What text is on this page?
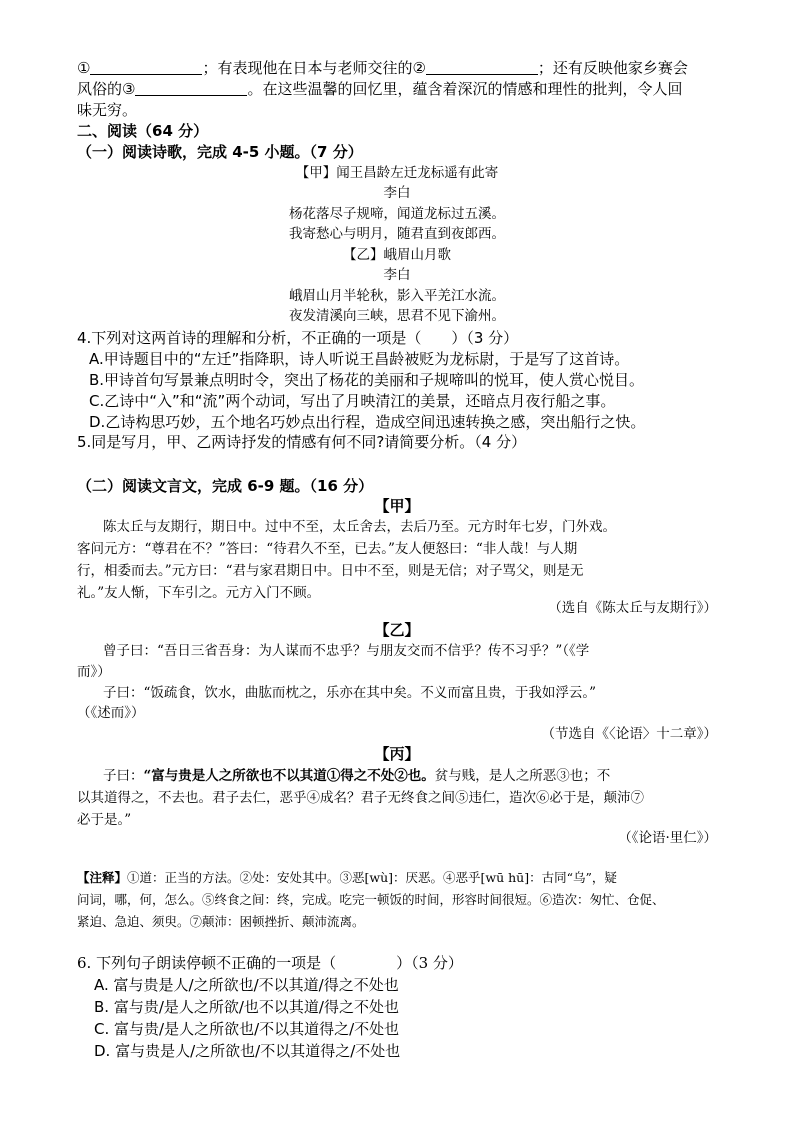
①	；有表现他在日本与老师交往的②	；还有反映他家乡赛会
风俗的③	。在这些温馨的回忆里，蕴含着深沉的情感和理性的批判，令人回
味无穷。
二、阅读（64 分）
（一）阅读诗歌，完成 4-5 小题。（7 分）
【甲】闻王昌龄左迁龙标遥有此寄
李白
杨花落尽子规啼，闻道龙标过五溪。
我寄愁心与明月，随君直到夜郎西。
【乙】峨眉山月歌
李白
峨眉山月半轮秋，影入平羌江水流。
夜发清溪向三峡，思君不见下渝州。
4.下列对这两首诗的理解和分析，不正确的一项是（　　）（3 分）
A.甲诗题目中的“左迁”指降职，诗人听说王昌龄被贬为龙标尉，于是写了这首诗。
B.甲诗首句写景兼点明时令，突出了杨花的美丽和子规啼叫的悦耳，使人赏心悦目。
C.乙诗中“入”和“流”两个动词，写出了月映清江的美景，还暗点月夜行船之事。
D.乙诗构思巧妙，五个地名巧妙点出行程，造成空间迅速转换之感，突出船行之快。
5.同是写月，甲、乙两诗抒发的情感有何不同?请简要分析。（4 分）
（二）阅读文言文，完成 6-9 题。（16 分）
【甲】
陈太丘与友期行，期日中。过中不至，太丘舍去，去后乃至。元方时年七岁，门外戏。
客问元方：“尊君在不？”答曰：“待君久不至，已去。”友人便怒曰：“非人哉！与人期
行，相委而去。”元方曰：“君与家君期日中。日中不至，则是无信；对子骂父，则是无
礼。”友人惭，下车引之。元方入门不顾。
（选自《陈太丘与友期行》）
【乙】
曾子曰：“吾日三省吾身：为人谋而不忠乎？与朋友交而不信乎？传不习乎？”（《学
而》）
子曰：“饭疏食，饮水，曲肱而枕之，乐亦在其中矣。不义而富且贵，于我如浮云。”
（《述而》）
（节选自《〈论语〉十二章》）
【丙】
子曰：“富与贵是人之所欲也不以其道①得之不处②也。贫与贱，是人之所恶③也；不
以其道得之，不去也。君子去仁，恶乎④成名？君子无终食之间⑤违仁，造次⑥必于是，颠沛⑦
必于是。”
（《论语·里仁》）
【注释】①道：正当的方法。②处：安处其中。③恶[wù]：厌恶。④恶乎[wū hū]：古同“乌”，疑
问词，哪，何，怎么。⑤终食之间：终，完成。吃完一顿饭的时间，形容时间很短。⑥造次：匆忙、仓促、
紧迫、急迫、须臾。⑦颠沛：困顿挫折、颠沛流离。
6. 下列句子朗读停顿不正确的一项是（　　　　）（3 分）
A. 富与贵是人/之所欲也/不以其道/得之不处也
B. 富与贵/是人之所欲/也不以其道/得之不处也
C. 富与贵/是人之所欲也/不以其道得之/不处也
D. 富与贵是人/之所欲也/不以其道得之/不处也
